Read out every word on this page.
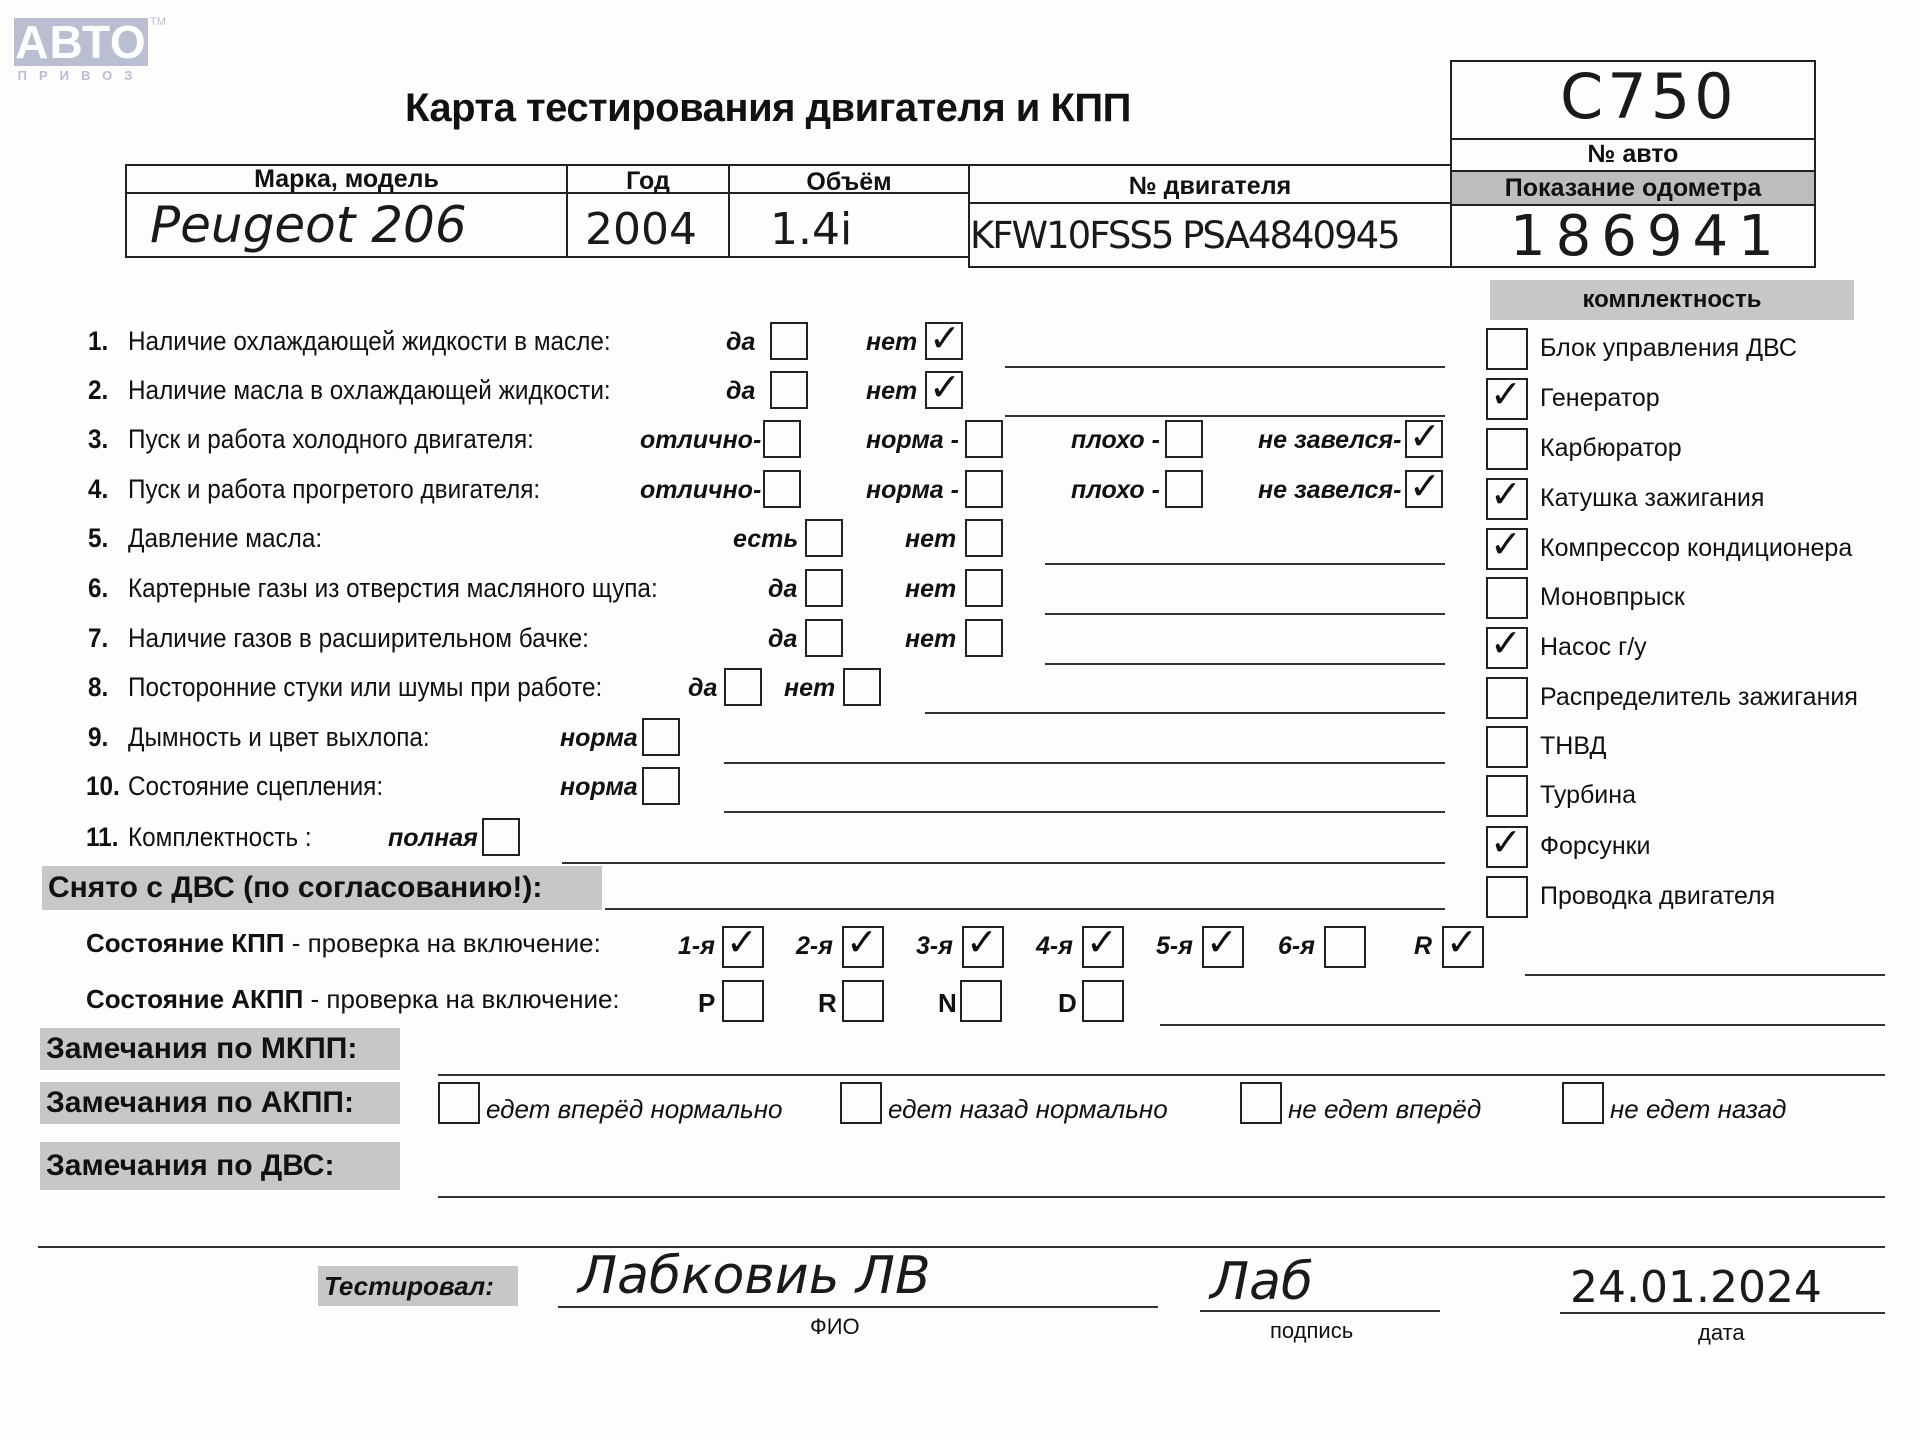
АВТО TM
ПРИВОЗ
Карта тестирования двигателя и КПП	C750
№ авто
Показание одометра
186941
Марка, модель	Год	Объём	№ двигателя
Peugeot 206	2004 1.4i	KFW10FSS5 PSA4840945
комплектность
1. Наличие охлаждающей жидкости в масле:	да	нет ✓
2. Наличие масла в охлаждающей жидкости:	да	нет ✓
3. Пуск и работа холодного двигателя:	отлично-	норма -	плохо -	не завелся- ✓
4. Пуск и работа прогретого двигателя:	отлично-	норма -	плохо -	не завелся- ✓
5. Давление масла:	есть	нет
6. Картерные газы из отверстия масляного щупа:	да	нет
7. Наличие газов в расширительном бачке:	да	нет
8. Посторонние стуки или шумы при работе:	да	нет
9. Дымность и цвет выхлопа:	норма
10. Состояние сцепления:	норма
11. Комплектность :	полная
Блок управления ДВС
✓ Генератор
Карбюратор
✓ Катушка зажигания
✓ Компрессор кондиционера
Моновпрыск
✓ Насос г/у
Распределитель зажигания
ТНВД
Турбина
✓ Форсунки
Проводка двигателя
Снято с ДВС (по согласованию!):
Состояние КПП - проверка на включение:	1-я ✓ 2-я ✓ 3-я ✓ 4-я ✓ 5-я ✓ 6-я	R ✓
Состояние АКПП - проверка на включение:	P	R	N	D
Замечания по МКПП:
Замечания по АКПП:	едет вперёд нормально	едет назад нормально	не едет вперёд	не едет назад
Замечания по ДВС:
Тестировал:	Лабковиь ЛВ
ФИО
Лаб
подпись
24.01.2024
дата
